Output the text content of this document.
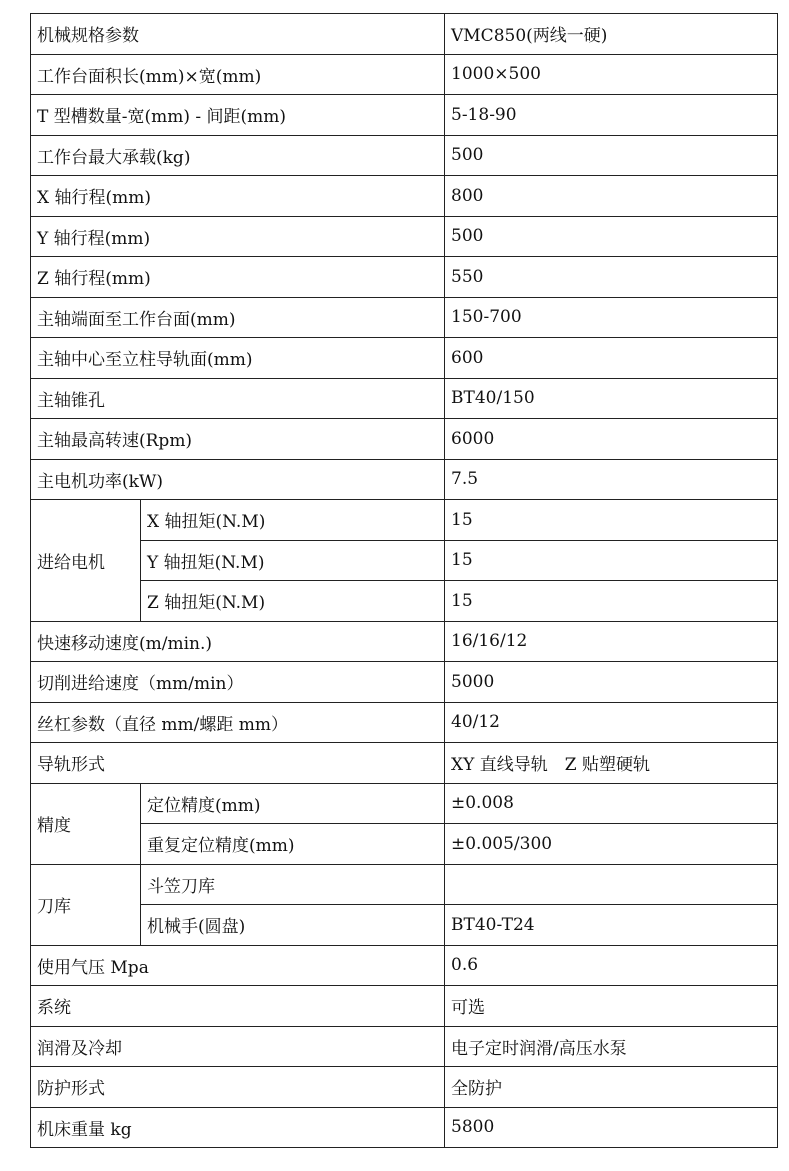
机械规格参数		VMC850(两线一硬)
工作台面积长(mm)×宽(mm)		1000×500
T 型槽数量-宽(mm) - 间距(mm)		5-18-90
工作台最大承载(kg)		500
X 轴行程(mm)		800
Y 轴行程(mm)		500
Z 轴行程(mm)		550
主轴端面至工作台面(mm)		150-700
主轴中心至立柱导轨面(mm)		600
主轴锥孔		BT40/150
主轴最高转速(Rpm)		6000
主电机功率(kW)		7.5
进给电机	X 轴扭矩(N.M)	15
	Y 轴扭矩(N.M)	15
	Z 轴扭矩(N.M)	15
快速移动速度(m/min.)		16/16/12
切削进给速度（mm/min）		5000
丝杠参数（直径 mm/螺距 mm）		40/12
导轨形式		XY 直线导轨　Z 贴塑硬轨
精度	定位精度(mm)	±0.008
	重复定位精度(mm)	±0.005/300
刀库	斗笠刀库	
	机械手(圆盘)	BT40-T24
使用气压 Mpa		0.6
系统		可选
润滑及冷却		电子定时润滑/高压水泵
防护形式		全防护
机床重量 kg		5800
